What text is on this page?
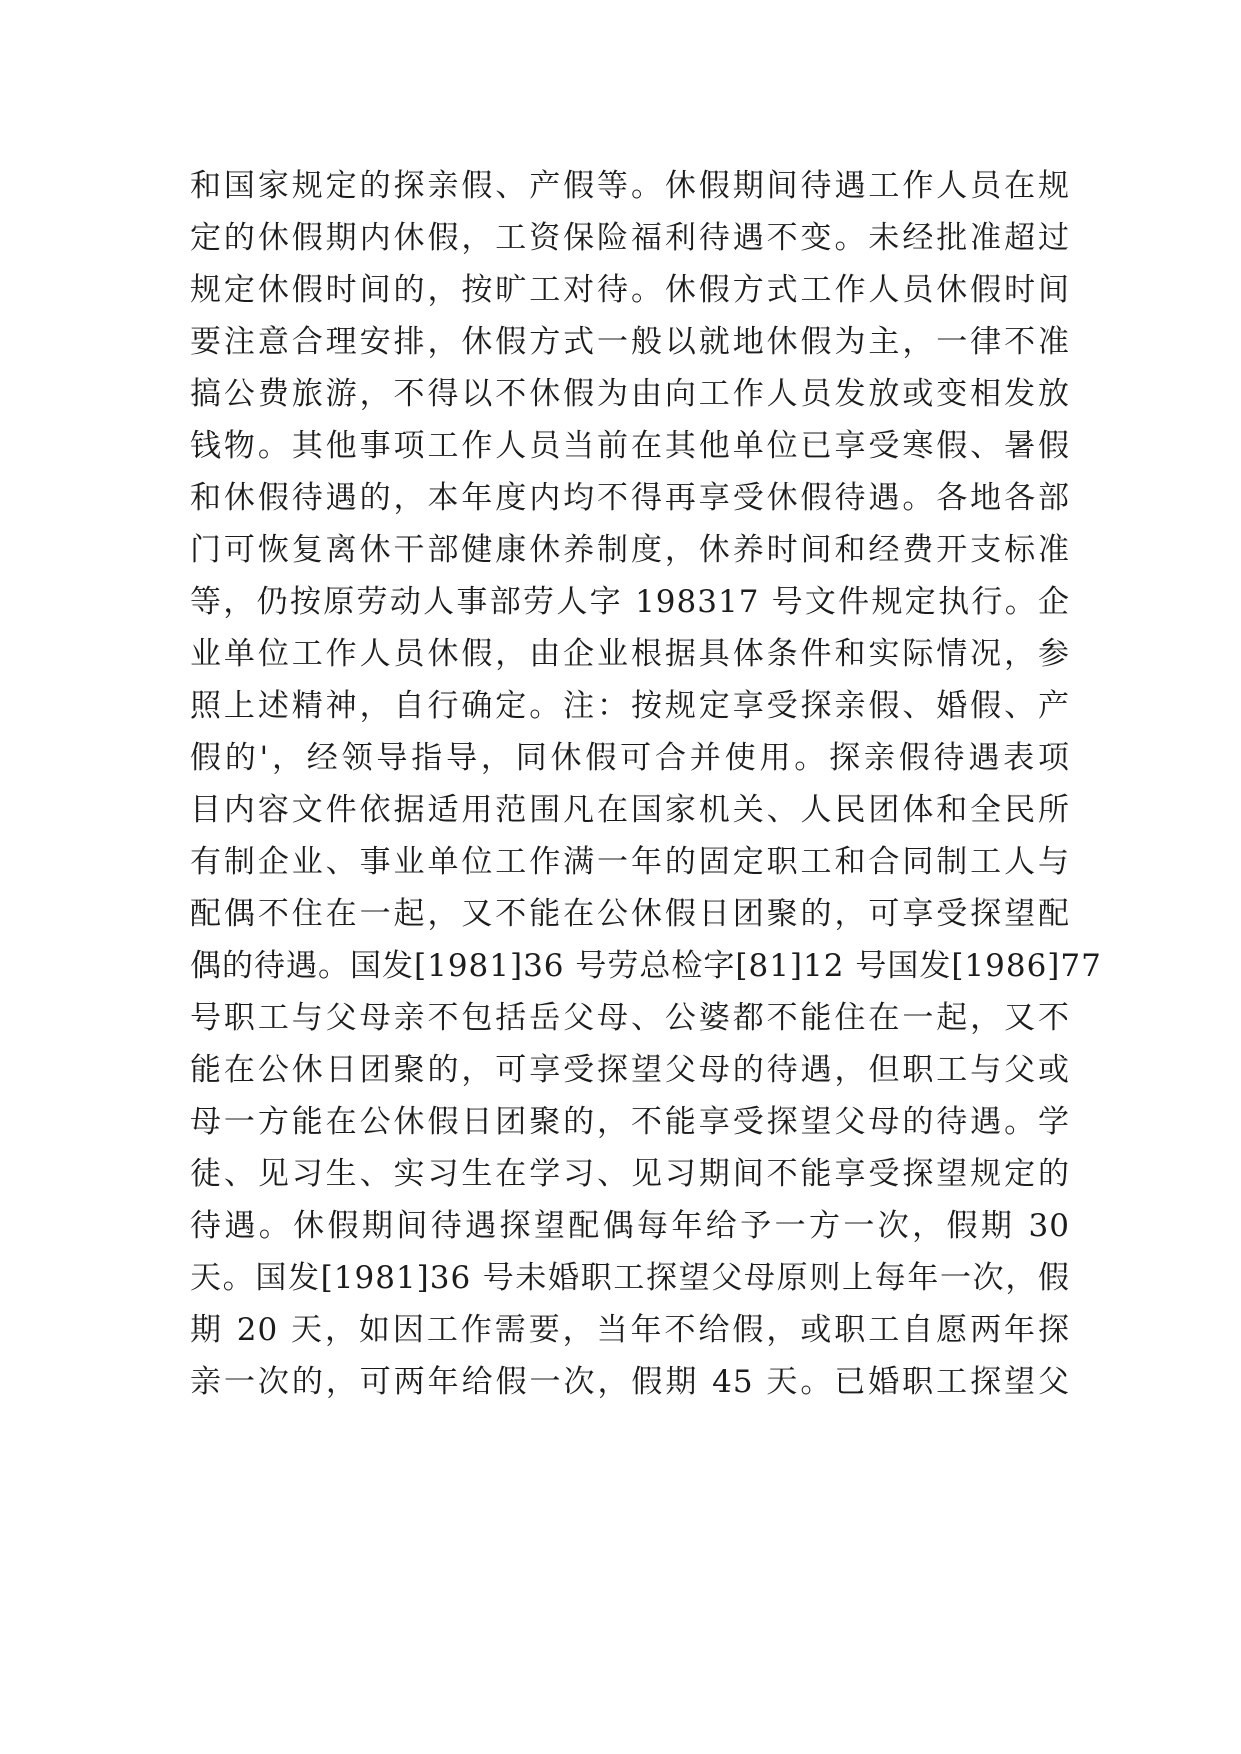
和国家规定的探亲假、产假等。休假期间待遇工作人员在规
定的休假期内休假，工资保险福利待遇不变。未经批准超过
规定休假时间的，按旷工对待。休假方式工作人员休假时间
要注意合理安排，休假方式一般以就地休假为主，一律不准
搞公费旅游，不得以不休假为由向工作人员发放或变相发放
钱物。其他事项工作人员当前在其他单位已享受寒假、暑假
和休假待遇的，本年度内均不得再享受休假待遇。各地各部
门可恢复离休干部健康休养制度，休养时间和经费开支标准
等，仍按原劳动人事部劳人字 198317 号文件规定执行。企
业单位工作人员休假，由企业根据具体条件和实际情况，参
照上述精神，自行确定。注：按规定享受探亲假、婚假、产
假的'，经领导指导，同休假可合并使用。探亲假待遇表项
目内容文件依据适用范围凡在国家机关、人民团体和全民所
有制企业、事业单位工作满一年的固定职工和合同制工人与
配偶不住在一起，又不能在公休假日团聚的，可享受探望配
偶的待遇。国发[1981]36 号劳总检字[81]12 号国发[1986]77
号职工与父母亲不包括岳父母、公婆都不能住在一起，又不
能在公休日团聚的，可享受探望父母的待遇，但职工与父或
母一方能在公休假日团聚的，不能享受探望父母的待遇。学
徒、见习生、实习生在学习、见习期间不能享受探望规定的
待遇。休假期间待遇探望配偶每年给予一方一次，假期 30
天。国发[1981]36 号未婚职工探望父母原则上每年一次，假
期 20 天，如因工作需要，当年不给假，或职工自愿两年探
亲一次的，可两年给假一次，假期 45 天。已婚职工探望父
